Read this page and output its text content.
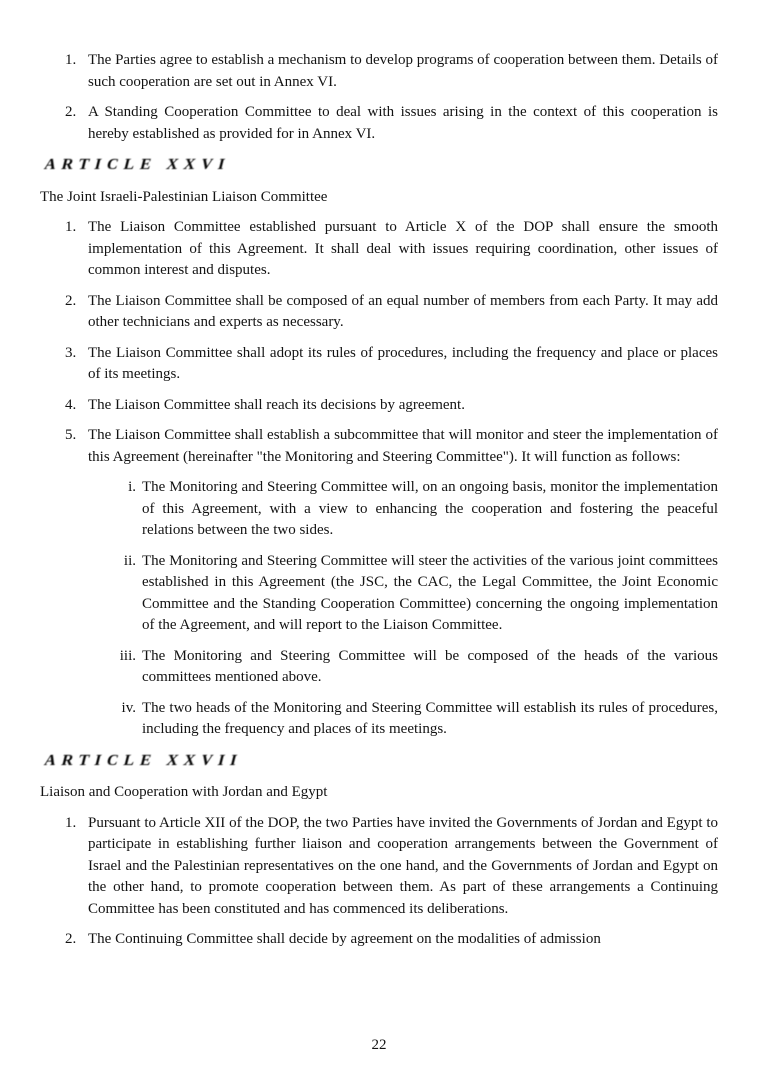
1. The Parties agree to establish a mechanism to develop programs of cooperation between them. Details of such cooperation are set out in Annex VI.
2. A Standing Cooperation Committee to deal with issues arising in the context of this cooperation is hereby established as provided for in Annex VI.
ARTICLE XXVI
The Joint Israeli-Palestinian Liaison Committee
1. The Liaison Committee established pursuant to Article X of the DOP shall ensure the smooth implementation of this Agreement. It shall deal with issues requiring coordination, other issues of common interest and disputes.
2. The Liaison Committee shall be composed of an equal number of members from each Party. It may add other technicians and experts as necessary.
3. The Liaison Committee shall adopt its rules of procedures, including the frequency and place or places of its meetings.
4. The Liaison Committee shall reach its decisions by agreement.
5. The Liaison Committee shall establish a subcommittee that will monitor and steer the implementation of this Agreement (hereinafter "the Monitoring and Steering Committee"). It will function as follows:
i. The Monitoring and Steering Committee will, on an ongoing basis, monitor the implementation of this Agreement, with a view to enhancing the cooperation and fostering the peaceful relations between the two sides.
ii. The Monitoring and Steering Committee will steer the activities of the various joint committees established in this Agreement (the JSC, the CAC, the Legal Committee, the Joint Economic Committee and the Standing Cooperation Committee) concerning the ongoing implementation of the Agreement, and will report to the Liaison Committee.
iii. The Monitoring and Steering Committee will be composed of the heads of the various committees mentioned above.
iv. The two heads of the Monitoring and Steering Committee will establish its rules of procedures, including the frequency and places of its meetings.
ARTICLE XXVII
Liaison and Cooperation with Jordan and Egypt
1. Pursuant to Article XII of the DOP, the two Parties have invited the Governments of Jordan and Egypt to participate in establishing further liaison and cooperation arrangements between the Government of Israel and the Palestinian representatives on the one hand, and the Governments of Jordan and Egypt on the other hand, to promote cooperation between them. As part of these arrangements a Continuing Committee has been constituted and has commenced its deliberations.
2. The Continuing Committee shall decide by agreement on the modalities of admission
22
